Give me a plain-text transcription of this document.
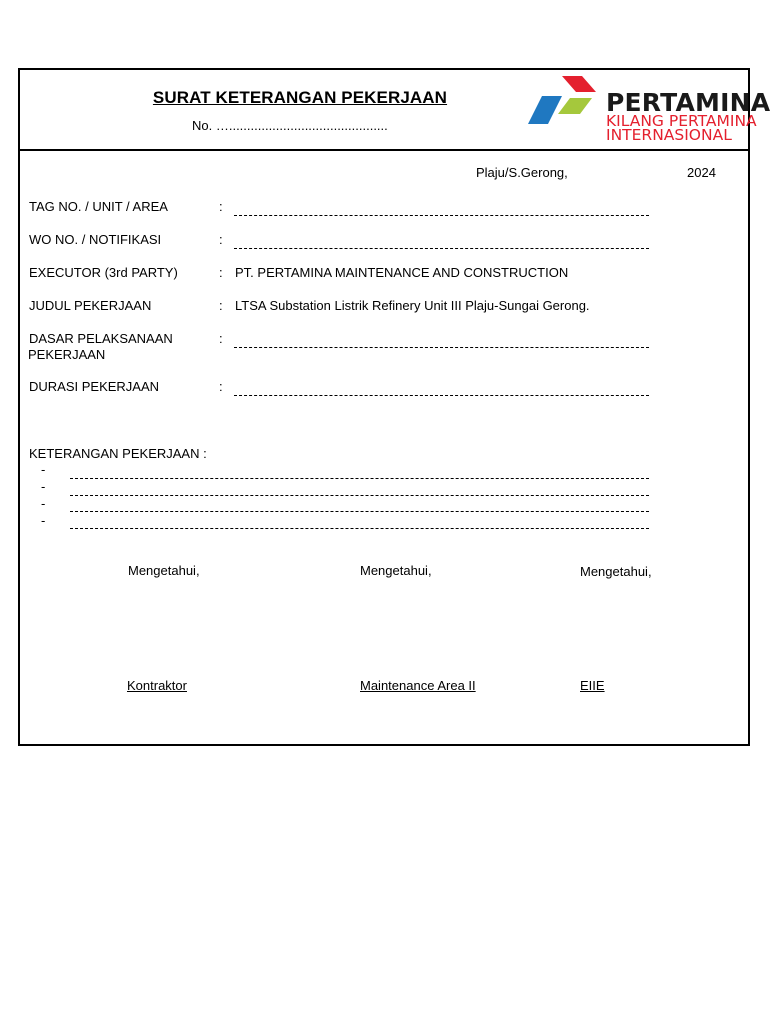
SURAT KETERANGAN PEKERJAAN
No. …............................................
PERTAMINA
KILANG PERTAMINA
INTERNASIONAL
Plaju/S.Gerong,	2024
TAG NO. / UNIT / AREA	:
WO NO. / NOTIFIKASI	:
EXECUTOR (3rd PARTY)	: PT. PERTAMINA MAINTENANCE AND CONSTRUCTION
JUDUL PEKERJAAN	: LTSA Substation Listrik Refinery Unit III Plaju-Sungai Gerong.
DASAR PELAKSANAAN
PEKERJAAN
:
DURASI PEKERJAAN	:
KETERANGAN PEKERJAAN :
-
-
-
-
Mengetahui,	Mengetahui,	Mengetahui,
Kontraktor	Maintenance Area II	EIIE
